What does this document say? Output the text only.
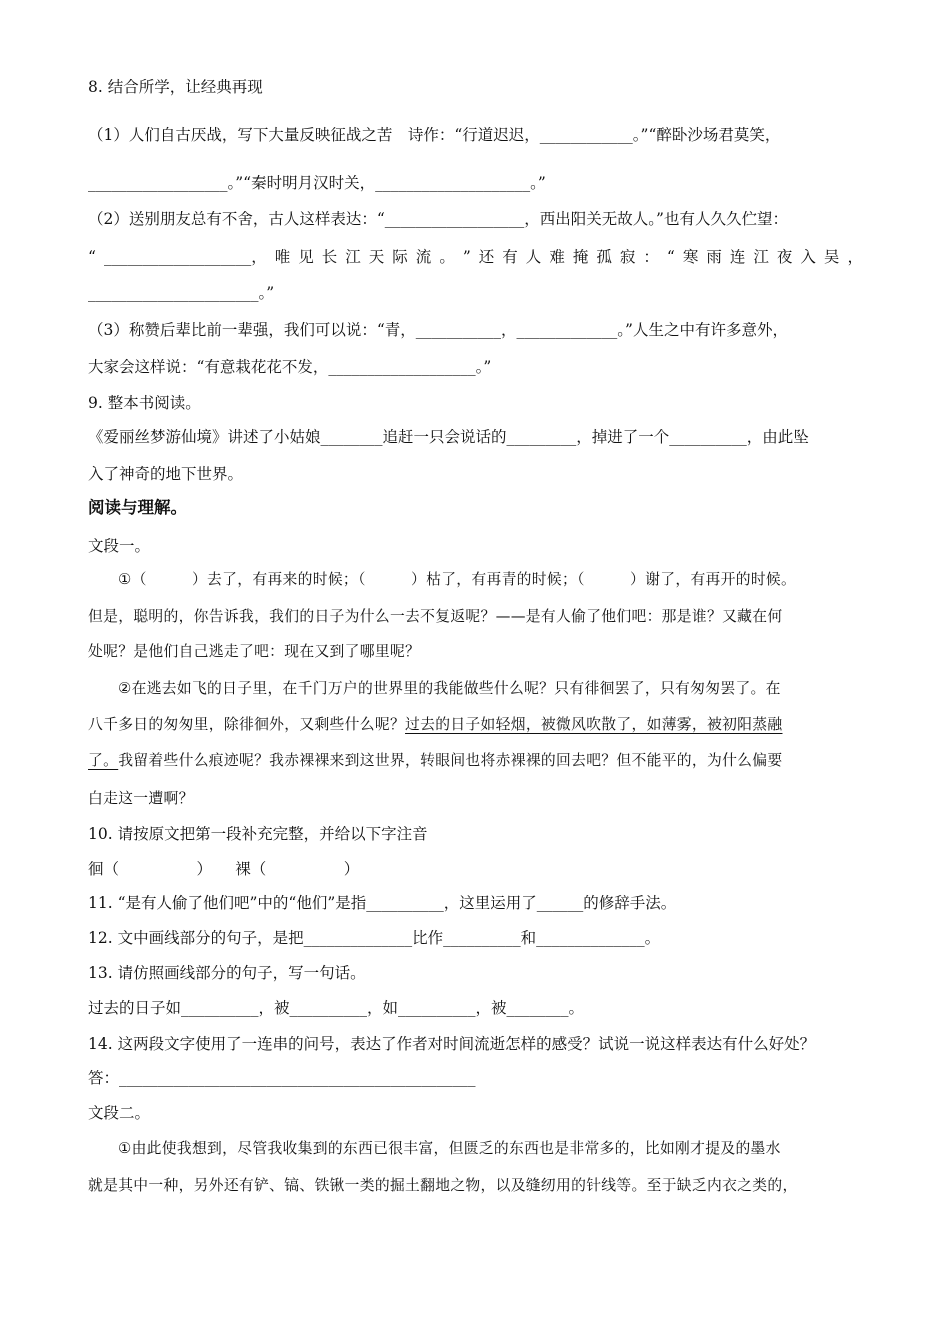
8. 结合所学，让经典再现
（1）人们自古厌战，写下大量反映征战之苦　诗作：“行道迟迟，____________。”“醉卧沙场君莫笑，
__________________。”“秦时明月汉时关，____________________。”
（2）送别朋友总有不舍，古人这样表达：“__________________，西出阳关无故人。”也有人久久伫望：
“ ___________________， 唯 见 长 江 天 际 流 。 ” 还 有 人 难 掩 孤 寂 ： “ 寒 雨 连 江 夜 入 吴 ，
______________________。”
（3）称赞后辈比前一辈强，我们可以说：“青，___________，_____________。”人生之中有许多意外，
大家会这样说：“有意栽花花不发，___________________。”
9. 整本书阅读。
《爱丽丝梦游仙境》讲述了小姑娘________追赶一只会说话的_________，掉进了一个__________，由此坠
入了神奇的地下世界。
阅读与理解。
文段一。
①（　　　）去了，有再来的时候；（　　　）枯了，有再青的时候；（　　　）谢了，有再开的时候。
但是，聪明的，你告诉我，我们的日子为什么一去不复返呢？——是有人偷了他们吧：那是谁？又藏在何
处呢？是他们自己逃走了吧：现在又到了哪里呢？
②在逃去如飞的日子里，在千门万户的世界里的我能做些什么呢？只有徘徊罢了，只有匆匆罢了。在
八千多日的匆匆里，除徘徊外，又剩些什么呢？过去的日子如轻烟，被微风吹散了，如薄雾，被初阳蒸融
了。我留着些什么痕迹呢？我赤裸裸来到这世界，转眼间也将赤裸裸的回去吧？但不能平的，为什么偏要
白走这一遭啊？
10. 请按原文把第一段补充完整，并给以下字注音
徊（　　　　　）　　裸（　　　　　）
11. “是有人偷了他们吧”中的“他们”是指__________，这里运用了______的修辞手法。
12. 文中画线部分的句子，是把______________比作__________和______________。
13. 请仿照画线部分的句子，写一句话。
过去的日子如__________，被__________，如__________，被________。
14. 这两段文字使用了一连串的问号，表达了作者对时间流逝怎样的感受？试说一说这样表达有什么好处？
答：______________________________________________
文段二。
①由此使我想到，尽管我收集到的东西已很丰富，但匮乏的东西也是非常多的，比如刚才提及的墨水
就是其中一种，另外还有铲、镐、铁锹一类的掘土翻地之物，以及缝纫用的针线等。至于缺乏内衣之类的，
